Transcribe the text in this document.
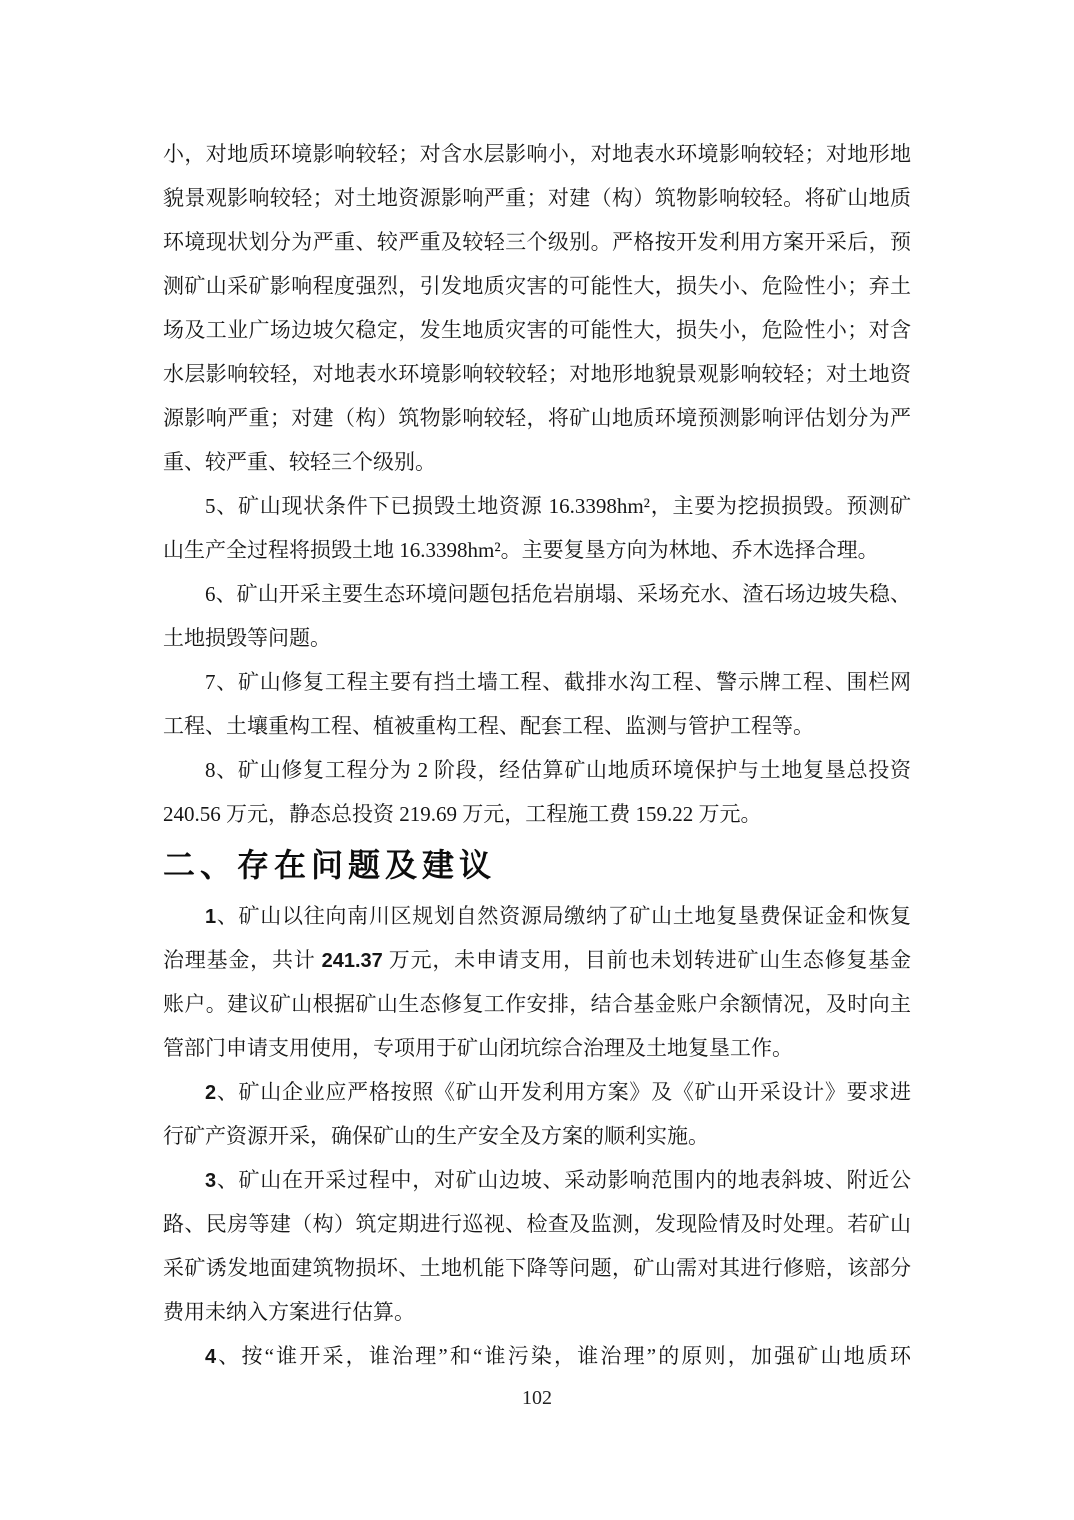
小，对地质环境影响较轻；对含水层影响小，对地表水环境影响较轻；对地形地
貌景观影响较轻；对土地资源影响严重；对建（构）筑物影响较轻。将矿山地质
环境现状划分为严重、较严重及较轻三个级别。严格按开发利用方案开采后，预
测矿山采矿影响程度强烈，引发地质灾害的可能性大，损失小、危险性小；弃土
场及工业广场边坡欠稳定，发生地质灾害的可能性大，损失小，危险性小；对含
水层影响较轻，对地表水环境影响较较轻；对地形地貌景观影响较轻；对土地资
源影响严重；对建（构）筑物影响较轻，将矿山地质环境预测影响评估划分为严
重、较严重、较轻三个级别。
5、矿山现状条件下已损毁土地资源 16.3398hm²，主要为挖损损毁。预测矿
山生产全过程将损毁土地 16.3398hm²。主要复垦方向为林地、乔木选择合理。
6、矿山开采主要生态环境问题包括危岩崩塌、采场充水、渣石场边坡失稳、
土地损毁等问题。
7、矿山修复工程主要有挡土墙工程、截排水沟工程、警示牌工程、围栏网
工程、土壤重构工程、植被重构工程、配套工程、监测与管护工程等。
8、矿山修复工程分为 2 阶段，经估算矿山地质环境保护与土地复垦总投资
240.56 万元，静态总投资 219.69 万元，工程施工费 159.22 万元。
二、存在问题及建议
1、矿山以往向南川区规划自然资源局缴纳了矿山土地复垦费保证金和恢复
治理基金，共计 241.37 万元，未申请支用，目前也未划转进矿山生态修复基金
账户。建议矿山根据矿山生态修复工作安排，结合基金账户余额情况，及时向主
管部门申请支用使用，专项用于矿山闭坑综合治理及土地复垦工作。
2、矿山企业应严格按照《矿山开发利用方案》及《矿山开采设计》要求进
行矿产资源开采，确保矿山的生产安全及方案的顺利实施。
3、矿山在开采过程中，对矿山边坡、采动影响范围内的地表斜坡、附近公
路、民房等建（构）筑定期进行巡视、检查及监测，发现险情及时处理。若矿山
采矿诱发地面建筑物损坏、土地机能下降等问题，矿山需对其进行修赔，该部分
费用未纳入方案进行估算。
4、按“谁开采，谁治理”和“谁污染，谁治理”的原则，加强矿山地质环
102
